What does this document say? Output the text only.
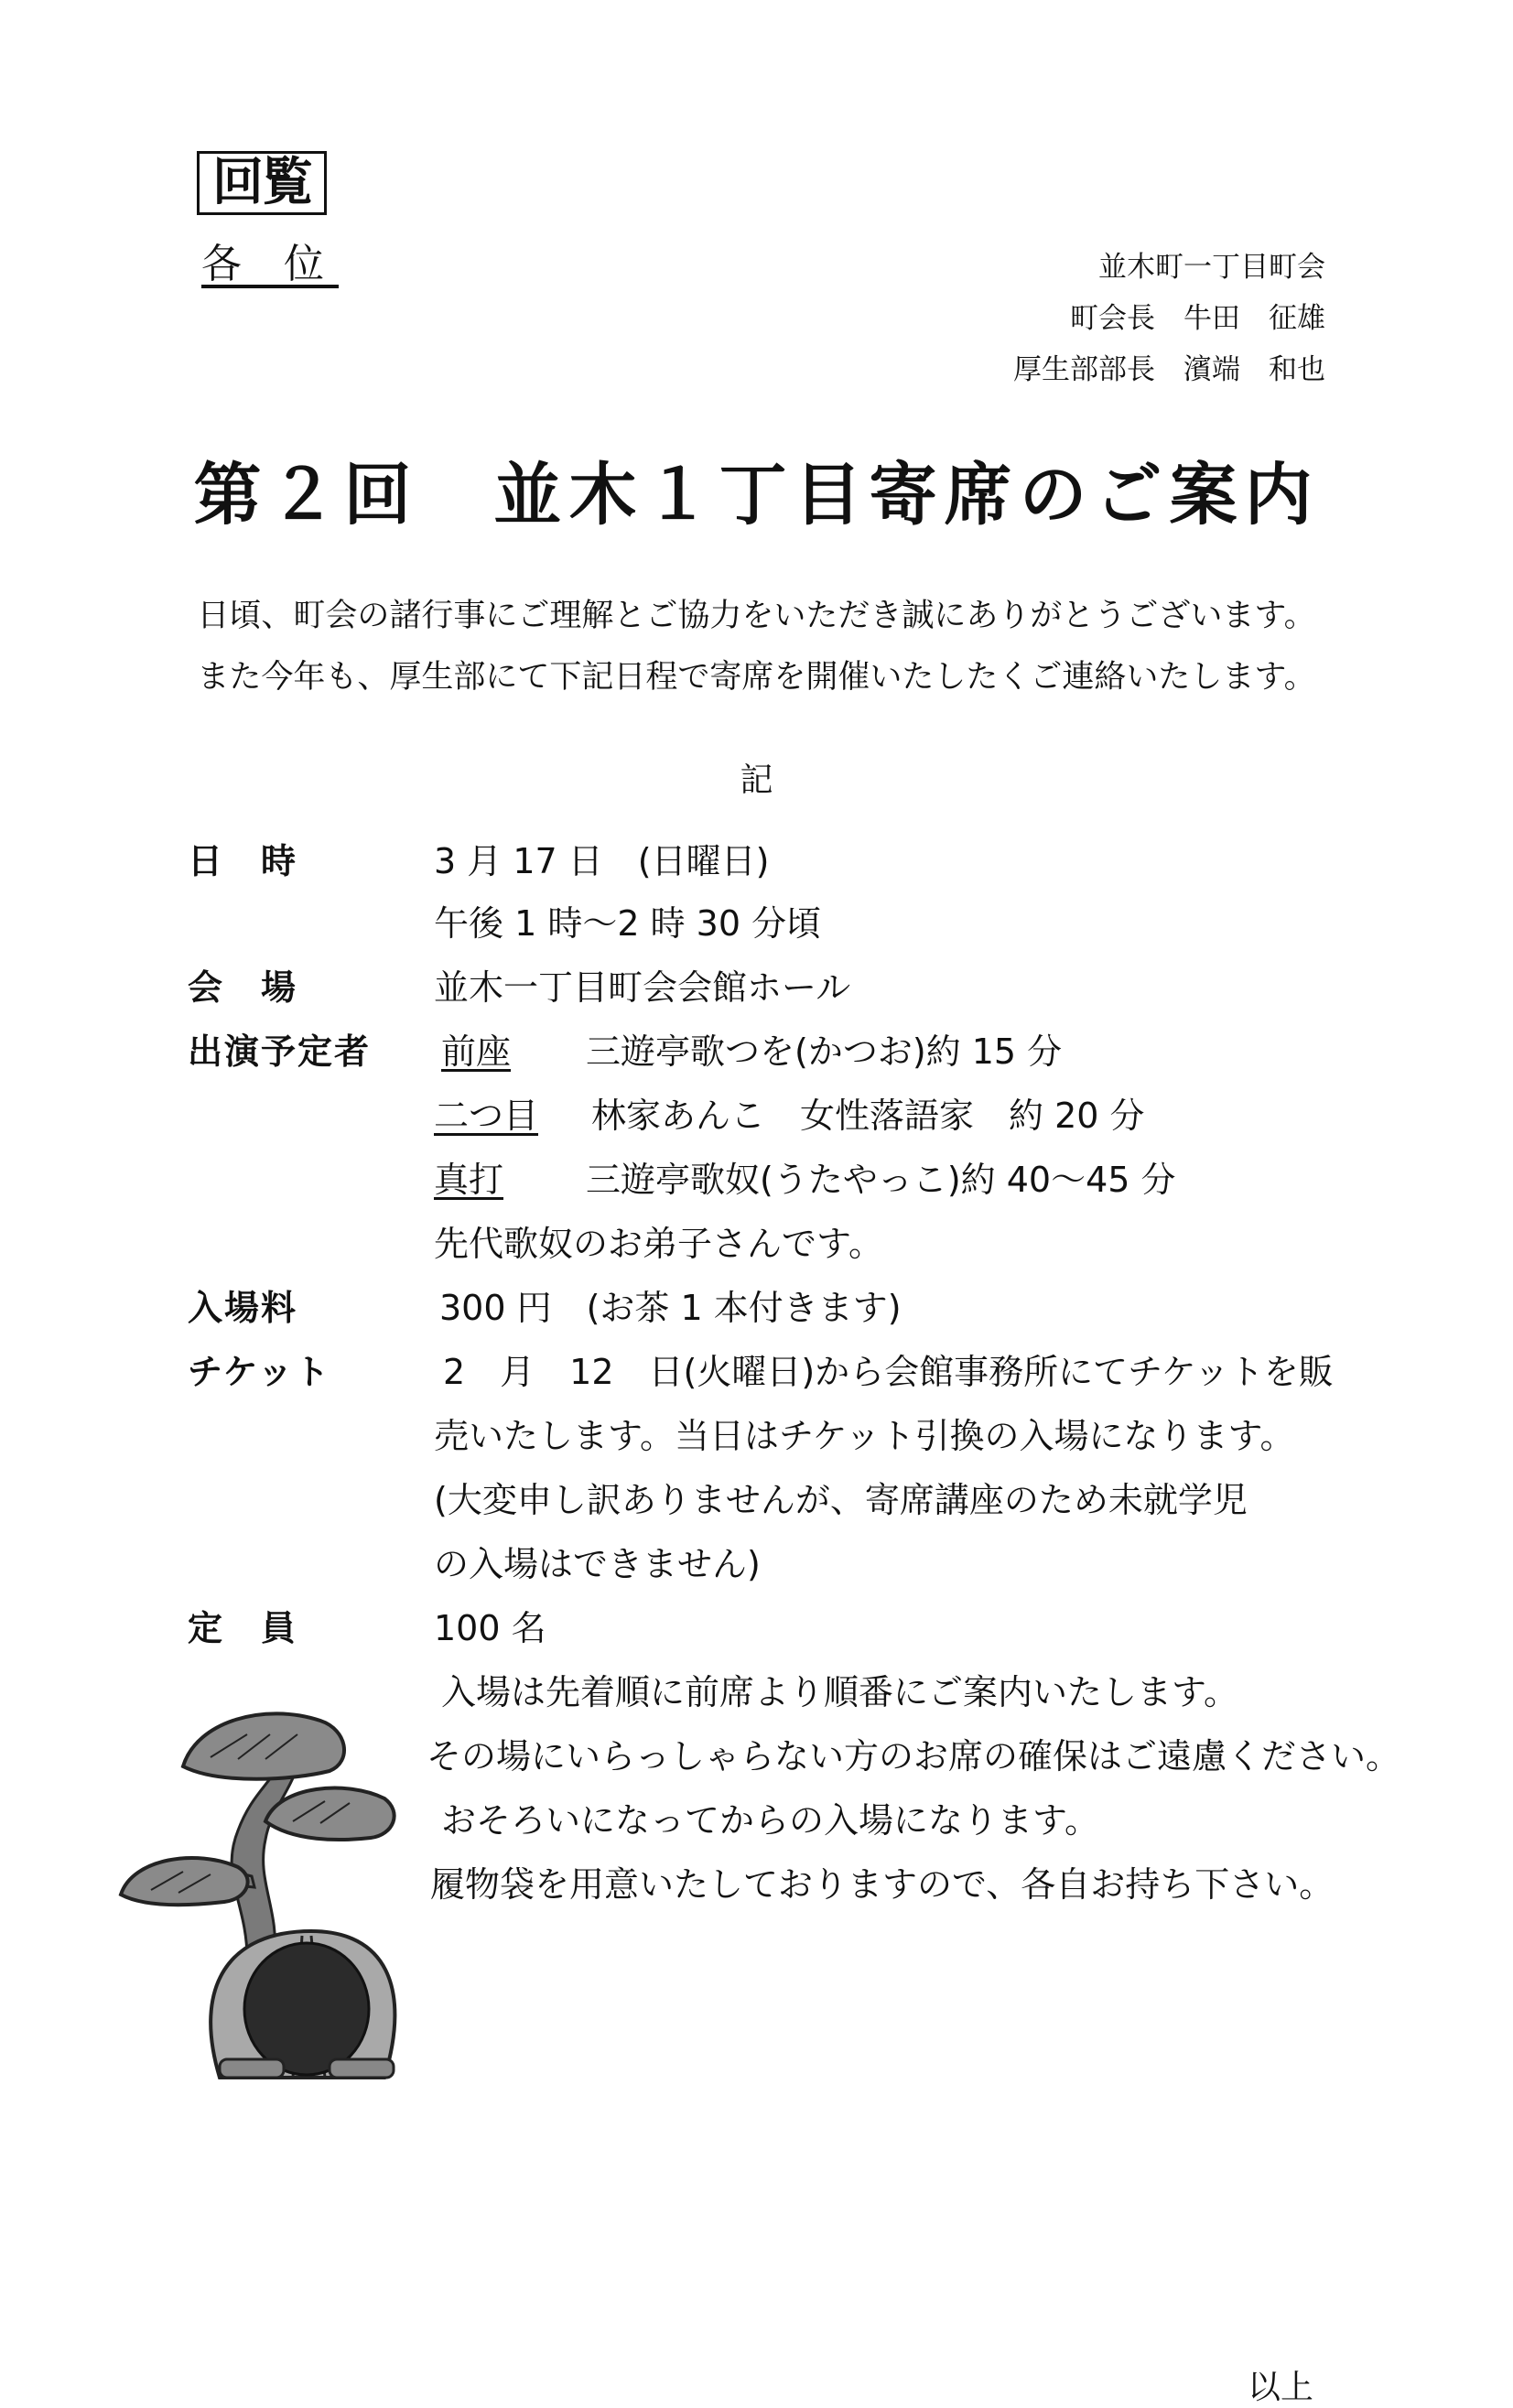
回覧
各 位	並木町一丁目町会
町会長　牛田　征雄
厚生部部長　濱端　和也
第２回　並木１丁目寄席のご案内
日頃、町会の諸行事にご理解とご協力をいただき誠にありがとうございます。
また今年も、厚生部にて下記日程で寄席を開催いたしたくご連絡いたします。
記
日　時	3 月 17 日　(日曜日)
午後 1 時～2 時 30 分頃
会　場	並木一丁目町会会館ホール
出演予定者 前座 三遊亭歌つを(かつお)約 15 分
二つ目 林家あんこ　女性落語家　約 20 分
真打 三遊亭歌奴(うたやっこ)約 40～45 分
先代歌奴のお弟子さんです。
入場料	300 円　(お茶 1 本付きます)
チケット	2　月　12　日(火曜日)から会館事務所にてチケットを販
売いたします。当日はチケット引換の入場になります。
(大変申し訳ありませんが、寄席講座のため未就学児
の入場はできません)
定　員	100 名
入場は先着順に前席より順番にご案内いたします。
その場にいらっしゃらない方のお席の確保はご遠慮ください。
おそろいになってからの入場になります。
履物袋を用意いたしておりますので、各自お持ち下さい。
以上
